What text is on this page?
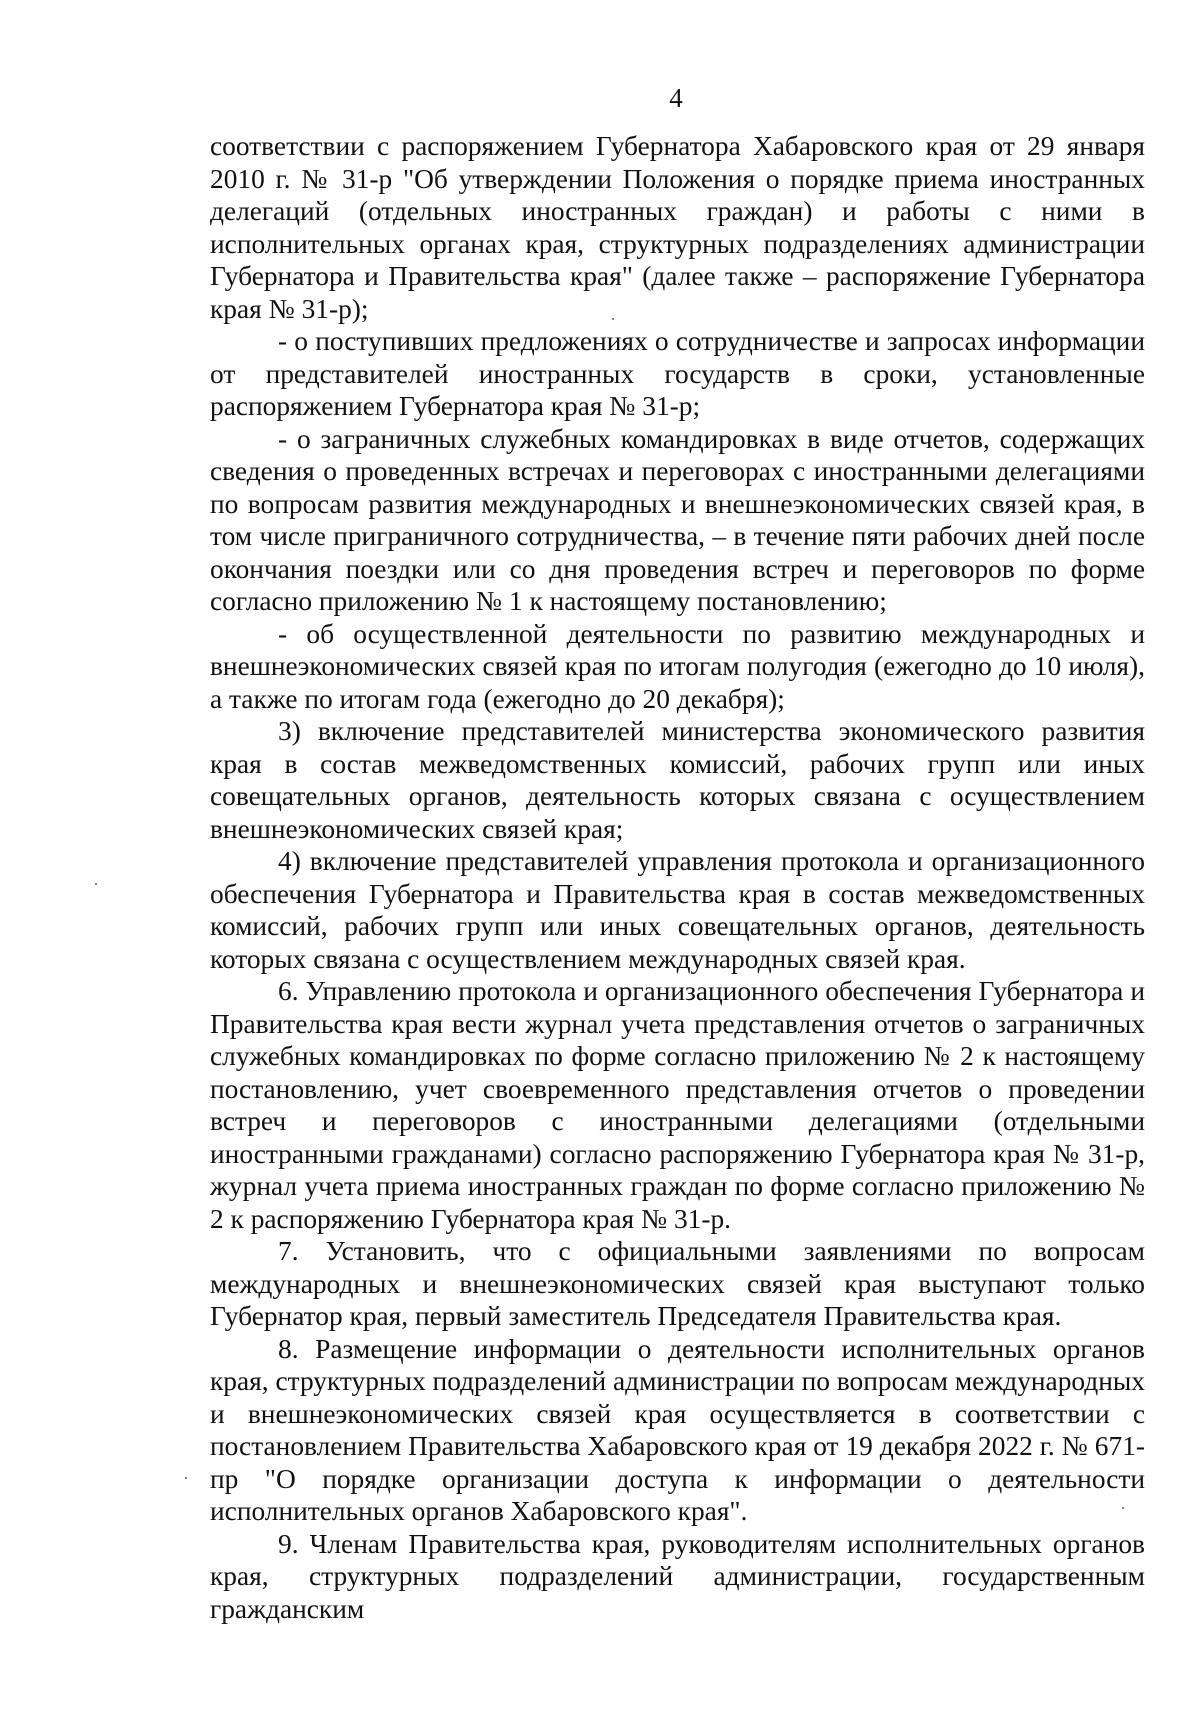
4

соответствии с распоряжением Губернатора Хабаровского края от 29 января 2010 г. № 31-р "Об утверждении Положения о порядке приема иностранных делегаций (отдельных иностранных граждан) и работы с ними в исполнительных органах края, структурных подразделениях администрации Губернатора и Правительства края" (далее также – распоряжение Губернатора края № 31-р);

- о поступивших предложениях о сотрудничестве и запросах информации от представителей иностранных государств в сроки, установленные распоряжением Губернатора края № 31-р;

- о заграничных служебных командировках в виде отчетов, содержащих сведения о проведенных встречах и переговорах с иностранными делегациями по вопросам развития международных и внешнеэкономических связей края, в том числе приграничного сотрудничества, – в течение пяти рабочих дней после окончания поездки или со дня проведения встреч и переговоров по форме согласно приложению № 1 к настоящему постановлению;

- об осуществленной деятельности по развитию международных и внешнеэкономических связей края по итогам полугодия (ежегодно до 10 июля), а также по итогам года (ежегодно до 20 декабря);

3) включение представителей министерства экономического развития края в состав межведомственных комиссий, рабочих групп или иных совещательных органов, деятельность которых связана с осуществлением внешнеэкономических связей края;

4) включение представителей управления протокола и организационного обеспечения Губернатора и Правительства края в состав межведомственных комиссий, рабочих групп или иных совещательных органов, деятельность которых связана с осуществлением международных связей края.

6. Управлению протокола и организационного обеспечения Губернатора и Правительства края вести журнал учета представления отчетов о заграничных служебных командировках по форме согласно приложению № 2 к настоящему постановлению, учет своевременного представления отчетов о проведении встреч и переговоров с иностранными делегациями (отдельными иностранными гражданами) согласно распоряжению Губернатора края № 31-р, журнал учета приема иностранных граждан по форме согласно приложению № 2 к распоряжению Губернатора края № 31-р.

7. Установить, что с официальными заявлениями по вопросам международных и внешнеэкономических связей края выступают только Губернатор края, первый заместитель Председателя Правительства края.

8. Размещение информации о деятельности исполнительных органов края, структурных подразделений администрации по вопросам международных и внешнеэкономических связей края осуществляется в соответствии с постановлением Правительства Хабаровского края от 19 декабря 2022 г. № 671-пр "О порядке организации доступа к информации о деятельности исполнительных органов Хабаровского края".

9. Членам Правительства края, руководителям исполнительных органов края, структурных подразделений администрации, государственным гражданским
